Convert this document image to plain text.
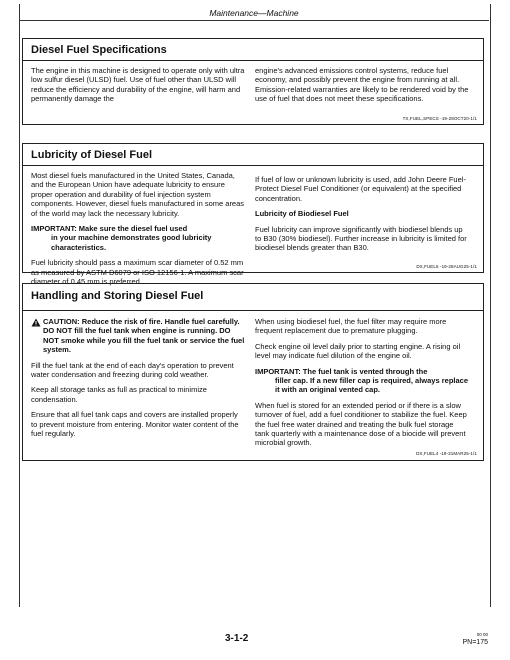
Maintenance—Machine
Diesel Fuel Specifications

The engine in this machine is designed to operate only with ultra low sulfur diesel (ULSD) fuel. Use of fuel other than ULSD will reduce the efficiency and durability of the engine, will harm and permanently damage the

engine's advanced emissions control systems, reduce fuel economy, and possibly prevent the engine from running at all. Emission-related warranties are likely to be rendered void by the use of fuel that does not meet these specifications.

TX,FUEL,SPECS -19-28OCT20-1/1
Lubricity of Diesel Fuel

Most diesel fuels manufactured in the United States, Canada, and the European Union have adequate lubricity to ensure proper operation and durability of fuel injection system components. However, diesel fuels manufactured in some areas of the world may lack the necessary lubricity.

IMPORTANT: Make sure the diesel fuel used
in your machine demonstrates good lubricity characteristics.

Fuel lubricity should pass a maximum scar diameter of 0.52 mm as measured by ASTM D6079 or ISO 12156-1. A maximum scar diameter of 0.45 mm is preferred.

If fuel of low or unknown lubricity is used, add John Deere Fuel-Protect Diesel Fuel Conditioner (or equivalent) at the specified concentration.

Lubricity of Biodiesel Fuel

Fuel lubricity can improve significantly with biodiesel blends up to B30 (30% biodiesel). Further increase in lubricity is limited for biodiesel blends greater than B30.

DX,FUEL5 -19-28AUG25-1/1
Handling and Storing Diesel Fuel

CAUTION: Reduce the risk of fire. Handle fuel carefully. DO NOT fill the fuel tank when engine is running. DO NOT smoke while you fill the fuel tank or service the fuel system.

Fill the fuel tank at the end of each day's operation to prevent water condensation and freezing during cold weather.

Keep all storage tanks as full as practical to minimize condensation.

Ensure that all fuel tank caps and covers are installed properly to prevent moisture from entering. Monitor water content of the fuel regularly.

When using biodiesel fuel, the fuel filter may require more frequent replacement due to premature plugging.

Check engine oil level daily prior to starting engine. A rising oil level may indicate fuel dilution of the engine oil.

IMPORTANT: The fuel tank is vented through the
filler cap. If a new filler cap is required, always replace it with an original vented cap.

When fuel is stored for an extended period or if there is a slow turnover of fuel, add a fuel conditioner to stabilize the fuel. Keep the fuel free water drained and treating the bulk fuel storage tank quarterly with a maintenance dose of a biocide will prevent microbial growth.

DX,FUEL4 -19-31MAR25-1/1
3-1-2	00 00
PN=175
